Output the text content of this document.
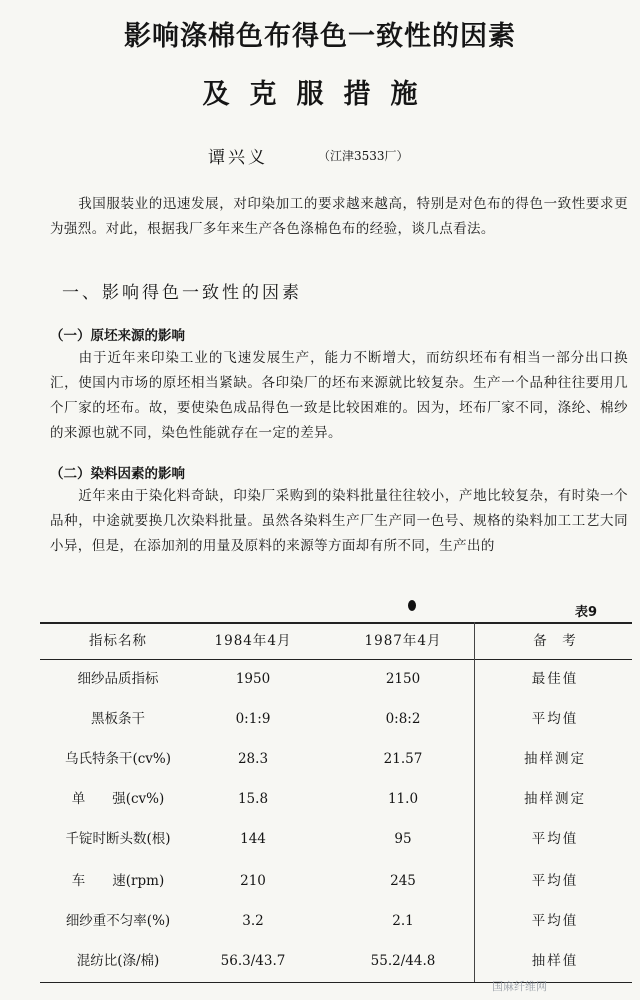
影响涤棉色布得色一致性的因素
及克服措施
谭兴义	（江津3533厂）
我国服装业的迅速发展，对印染加工的要求越来越高，特别是对色布的得色一致性要求更为强烈。对此，根据我厂多年来生产各色涤棉色布的经验，谈几点看法。
一、影响得色一致性的因素
（一）原坯来源的影响
由于近年来印染工业的飞速发展生产，能力不断增大，而纺织坯布有相当一部分出口换汇，使国内市场的原坯相当紧缺。各印染厂的坯布来源就比较复杂。生产一个品种往往要用几个厂家的坯布。故，要使染色成品得色一致是比较困难的。因为，坯布厂家不同，涤纶、棉纱的来源也就不同，染色性能就存在一定的差异。
（二）染料因素的影响
近年来由于染化料奇缺，印染厂采购到的染料批量往往较小，产地比较复杂，有时染一个品种，中途就要换几次染料批量。虽然各染料生产厂生产同一色号、规格的染料加工工艺大同小异，但是，在添加剂的用量及原料的来源等方面却有所不同，生产出的
表9
指标名称	1984年4月	1987年4月	备　考
细纱品质指标	1950	2150	最佳值
黑板条干	0:1:9	0:8:2	平均值
乌氏特条干(cv%)	28.3	21.57	抽样测定
单　　强(cv%)	15.8	11.0	抽样测定
千锭时断头数(根)	144	95	平均值
车　　速(rpm)	210	245	平均值
细纱重不匀率(%)	3.2	2.1	平均值
混纺比(涤/棉)	56.3/43.7	55.2/44.8	抽样值
国麻纤维网
